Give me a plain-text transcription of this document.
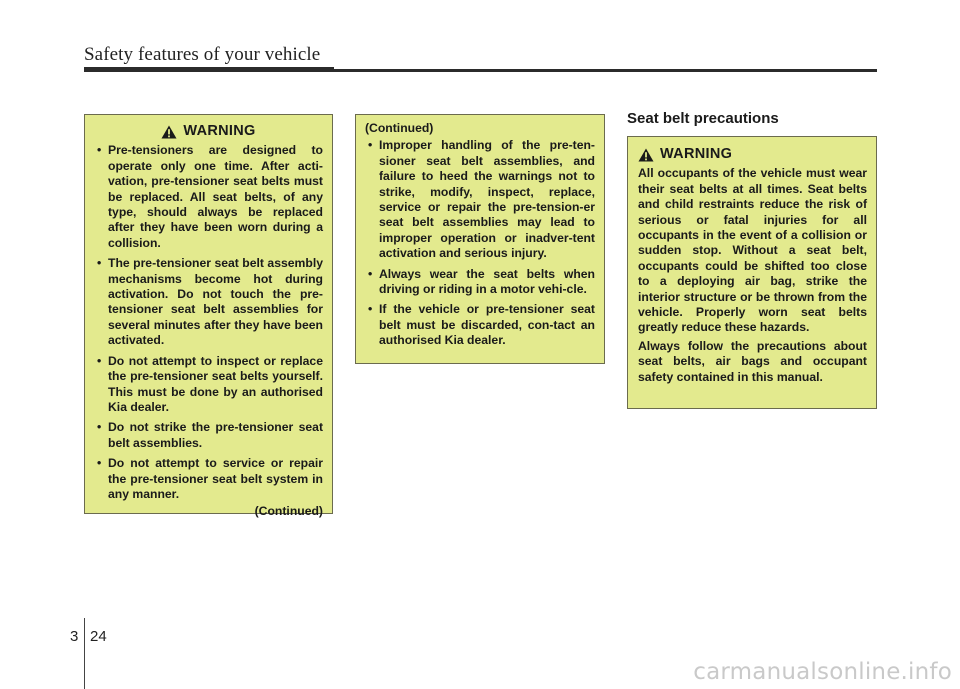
Safety features of your vehicle
WARNING
• Pre-tensioners are designed to operate only one time. After acti-vation, pre-tensioner seat belts must be replaced. All seat belts, of any type, should always be replaced after they have been worn during a collision.
• The pre-tensioner seat belt assembly mechanisms become hot during activation. Do not touch the pre-tensioner seat belt assemblies for several minutes after they have been activated.
• Do not attempt to inspect or replace the pre-tensioner seat belts yourself. This must be done by an authorised Kia dealer.
• Do not strike the pre-tensioner seat belt assemblies.
• Do not attempt to service or repair the pre-tensioner seat belt system in any manner.
(Continued)
(Continued)
• Improper handling of the pre-ten-sioner seat belt assemblies, and failure to heed the warnings not to strike, modify, inspect, replace, service or repair the pre-tension-er seat belt assemblies may lead to improper operation or inadver-tent activation and serious injury.
• Always wear the seat belts when driving or riding in a motor vehi-cle.
• If the vehicle or pre-tensioner seat belt must be discarded, con-tact an authorised Kia dealer.
Seat belt precautions
WARNING

All occupants of the vehicle must wear their seat belts at all times. Seat belts and child restraints reduce the risk of serious or fatal injuries for all occupants in the event of a collision or sudden stop. Without a seat belt, occupants could be shifted too close to a deploying air bag, strike the interior structure or be thrown from the vehicle. Properly worn seat belts greatly reduce these hazards.

Always follow the precautions about seat belts, air bags and occupant safety contained in this manual.

3 24
carmanualsonline.info
